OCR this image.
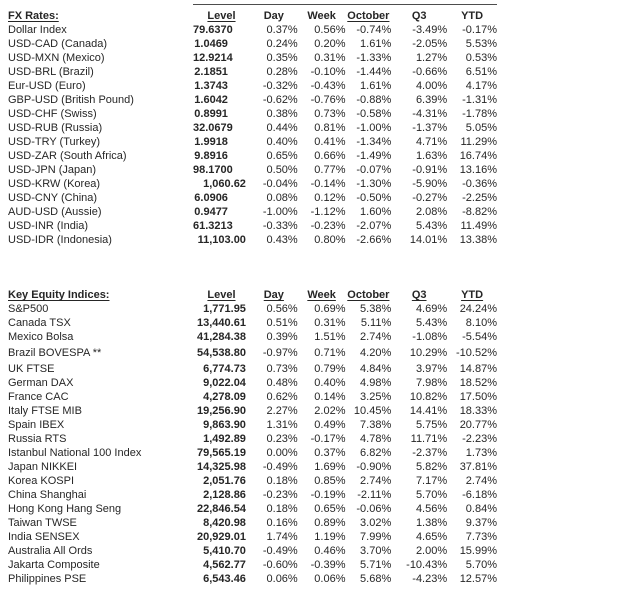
FX Rates:	Level	Day	Week	October	Q3	YTD
Dollar Index	79.6370	0.37%	0.56%	-0.74%	-3.49%	-0.17%
USD-CAD (Canada)	1.0469	0.24%	0.20%	1.61%	-2.05%	5.53%
USD-MXN (Mexico)	12.9214	0.35%	0.31%	-1.33%	1.27%	0.53%
USD-BRL (Brazil)	2.1851	0.28%	-0.10%	-1.44%	-0.66%	6.51%
Eur-USD (Euro)	1.3743	-0.32%	-0.43%	1.61%	4.00%	4.17%
GBP-USD (British Pound)	1.6042	-0.62%	-0.76%	-0.88%	6.39%	-1.31%
USD-CHF (Swiss)	0.8991	0.38%	0.73%	-0.58%	-4.31%	-1.78%
USD-RUB (Russia)	32.0679	0.44%	0.81%	-1.00%	-1.37%	5.05%
USD-TRY (Turkey)	1.9918	0.40%	0.41%	-1.34%	4.71%	11.29%
USD-ZAR (South Africa)	9.8916	0.65%	0.66%	-1.49%	1.63%	16.74%
USD-JPN (Japan)	98.1700	0.50%	0.77%	-0.07%	-0.91%	13.16%
USD-KRW (Korea)	1,060.62	-0.04%	-0.14%	-1.30%	-5.90%	-0.36%
USD-CNY (China)	6.0906	0.08%	0.12%	-0.50%	-0.27%	-2.25%
AUD-USD (Aussie)	0.9477	-1.00%	-1.12%	1.60%	2.08%	-8.82%
USD-INR (India)	61.3213	-0.33%	-0.23%	-2.07%	5.43%	11.49%
USD-IDR (Indonesia)	11,103.00	0.43%	0.80%	-2.66%	14.01%	13.38%
Key Equity Indices:	Level	Day	Week	October	Q3	YTD
S&P500	1,771.95	0.56%	0.69%	5.38%	4.69%	24.24%
Canada TSX	13,440.61	0.51%	0.31%	5.11%	5.43%	8.10%
Mexico Bolsa	41,284.38	0.39%	1.51%	2.74%	-1.08%	-5.54%
Brazil BOVESPA **	54,538.80	-0.97%	0.71%	4.20%	10.29%	-10.52%
UK FTSE	6,774.73	0.73%	0.79%	4.84%	3.97%	14.87%
German DAX	9,022.04	0.48%	0.40%	4.98%	7.98%	18.52%
France CAC	4,278.09	0.62%	0.14%	3.25%	10.82%	17.50%
Italy FTSE MIB	19,256.90	2.27%	2.02%	10.45%	14.41%	18.33%
Spain IBEX	9,863.90	1.31%	0.49%	7.38%	5.75%	20.77%
Russia RTS	1,492.89	0.23%	-0.17%	4.78%	11.71%	-2.23%
Istanbul National 100 Index	79,565.19	0.00%	0.37%	6.82%	-2.37%	1.73%
Japan NIKKEI	14,325.98	-0.49%	1.69%	-0.90%	5.82%	37.81%
Korea KOSPI	2,051.76	0.18%	0.85%	2.74%	7.17%	2.74%
China Shanghai	2,128.86	-0.23%	-0.19%	-2.11%	5.70%	-6.18%
Hong Kong Hang Seng	22,846.54	0.18%	0.65%	-0.06%	4.56%	0.84%
Taiwan TWSE	8,420.98	0.16%	0.89%	3.02%	1.38%	9.37%
India SENSEX	20,929.01	1.74%	1.19%	7.99%	4.65%	7.73%
Australia All Ords	5,410.70	-0.49%	0.46%	3.70%	2.00%	15.99%
Jakarta Composite	4,562.77	-0.60%	-0.39%	5.71%	-10.43%	5.70%
Philippines PSE	6,543.46	0.06%	0.06%	5.68%	-4.23%	12.57%
